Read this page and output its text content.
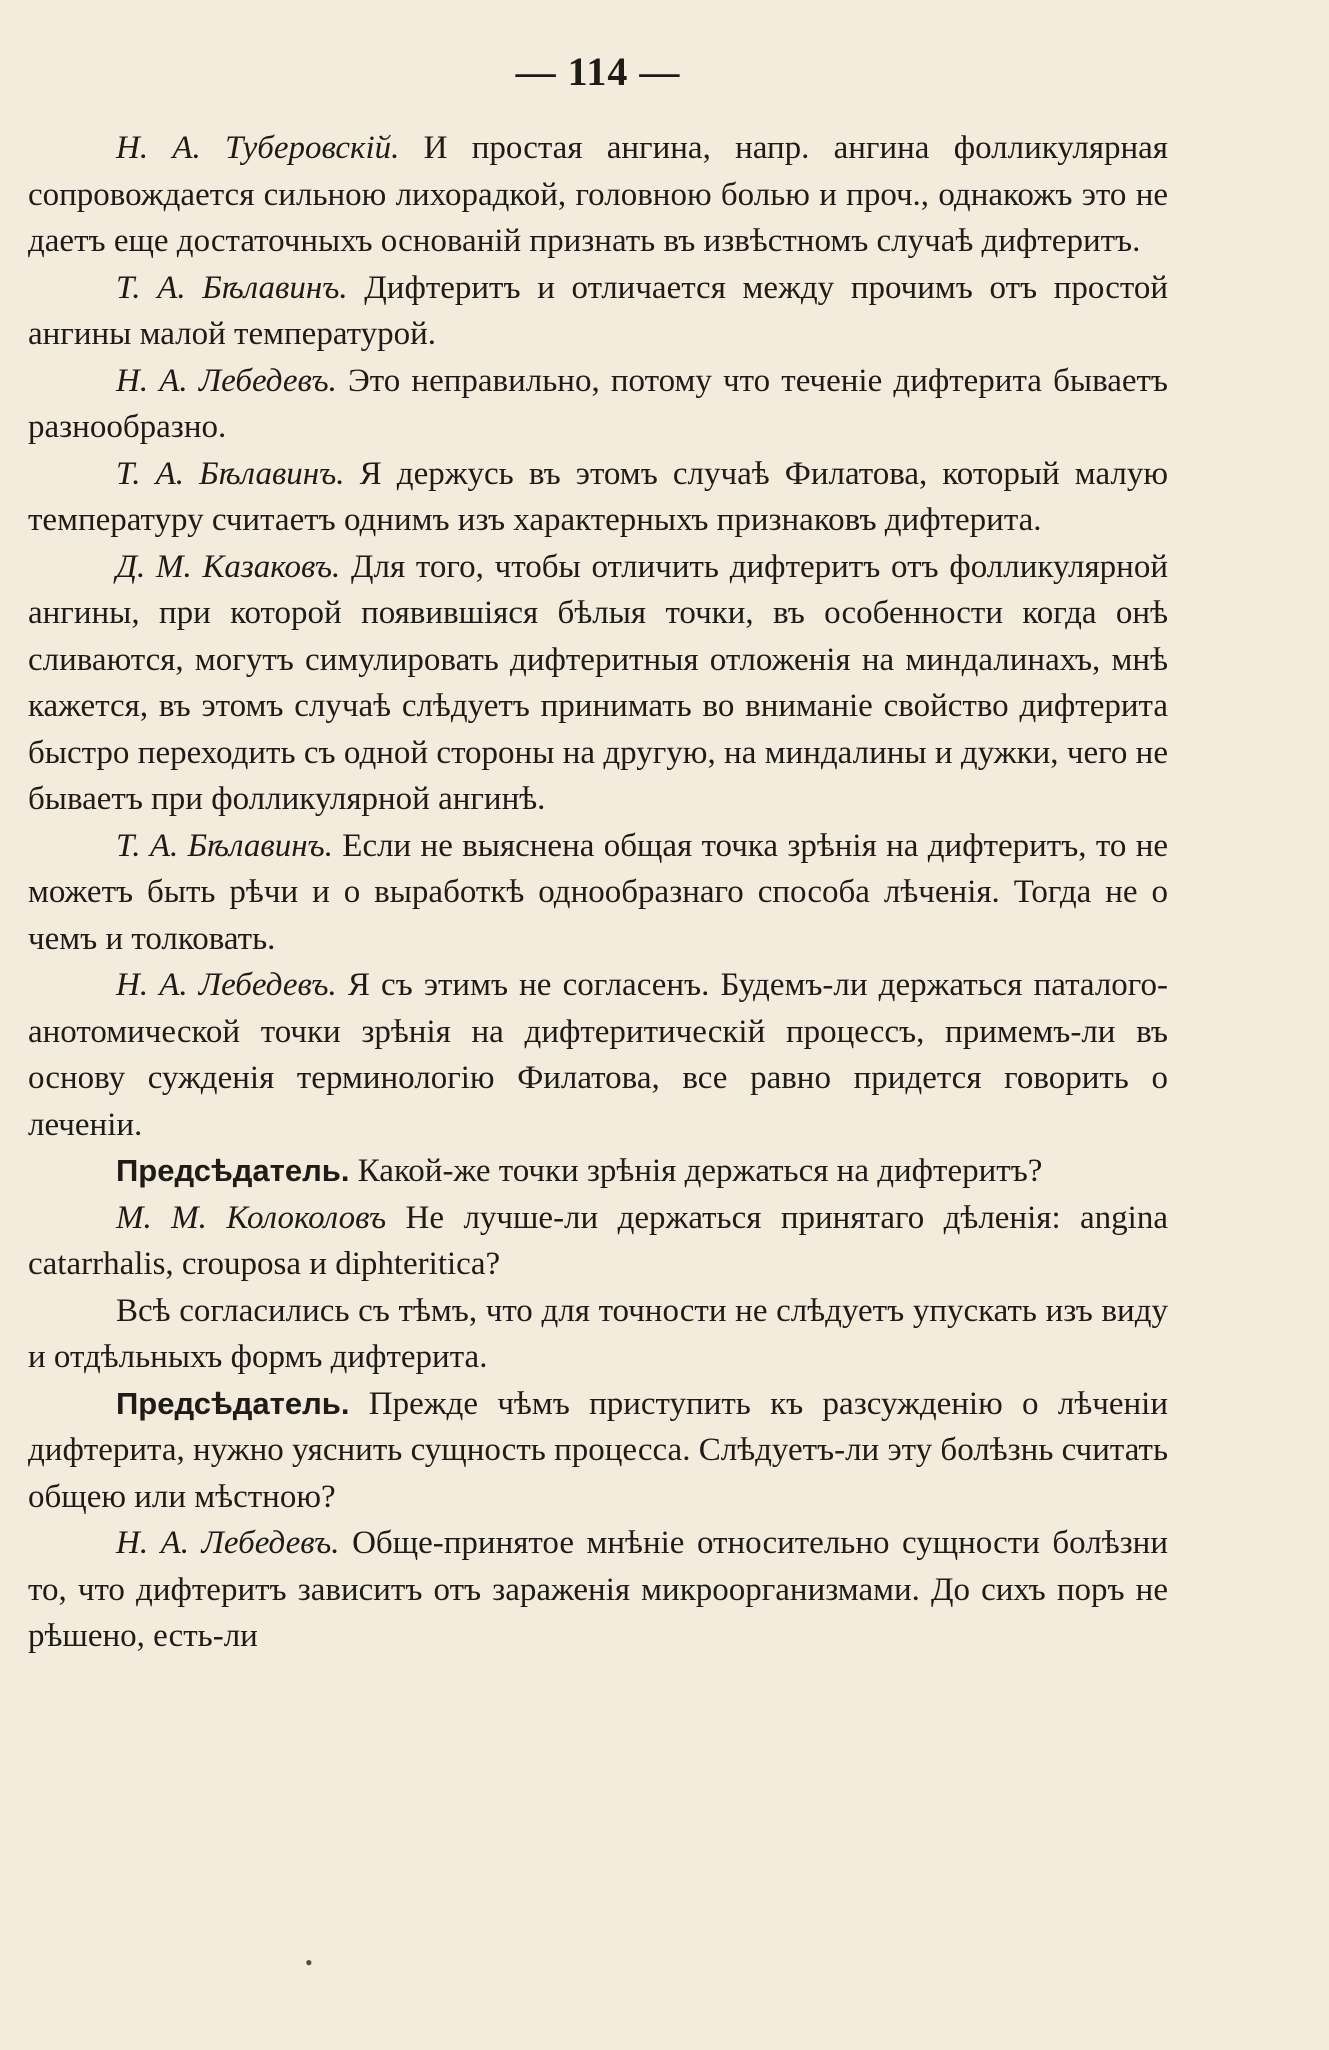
— 114 —

Н. А. Туберовскiй. И простая ангина, напр. ангина фолликулярная сопровождается сильною лихорадкой, головною болью и проч., однакожъ это не даетъ еще достаточныхъ основанiй признать въ извѣстномъ случаѣ дифтеритъ.

Т. А. Бѣлавинъ. Дифтеритъ и отличается между прочимъ отъ простой ангины малой температурой.

Н. А. Лебедевъ. Это неправильно, потому что теченiе дифтерита бываетъ разнообразно.

Т. А. Бѣлавинъ. Я держусь въ этомъ случаѣ Филатова, который малую температуру считаетъ однимъ изъ характерныхъ признаковъ дифтерита.

Д. М. Казаковъ. Для того, чтобы отличить дифтеритъ отъ фолликулярной ангины, при которой появившiяся бѣлыя точки, въ особенности когда онѣ сливаются, могутъ симулировать дифтеритныя отложенiя на миндалинахъ, мнѣ кажется, въ этомъ случаѣ слѣдуетъ принимать во вниманiе свойство дифтерита быстро переходить съ одной стороны на другую, на миндалины и дужки, чего не бываетъ при фолликулярной ангинѣ.

Т. А. Бѣлавинъ. Если не выяснена общая точка зрѣнiя на дифтеритъ, то не можетъ быть рѣчи и о выработкѣ однообразнаго способа лѣченiя. Тогда не о чемъ и толковать.

Н. А. Лебедевъ. Я съ этимъ не согласенъ. Будемъ-ли держаться паталого-анотомической точки зрѣнiя на дифтеритическiй процессъ, примемъ-ли въ основу сужденiя терминологiю Филатова, все равно придется говорить о леченiи.

Предсѣдатель. Какой-же точки зрѣнiя держаться на дифтеритъ?

М. М. Колоколовъ Не лучше-ли держаться принятаго дѣленiя: angina catarrhalis, crouposa и diphteritica?

Всѣ согласились съ тѣмъ, что для точности не слѣдуетъ упускать изъ виду и отдѣльныхъ формъ дифтерита.

Предсѣдатель. Прежде чѣмъ приступить къ разсужденiю о лѣченiи дифтерита, нужно уяснить сущность процесса. Слѣдуетъ-ли эту болѣзнь считать общею или мѣстною?

Н. А. Лебедевъ. Обще-принятое мнѣнiе относительно сущности болѣзни то, что дифтеритъ зависитъ отъ зараженiя микроорганизмами. До сихъ поръ не рѣшено, есть-ли

•
